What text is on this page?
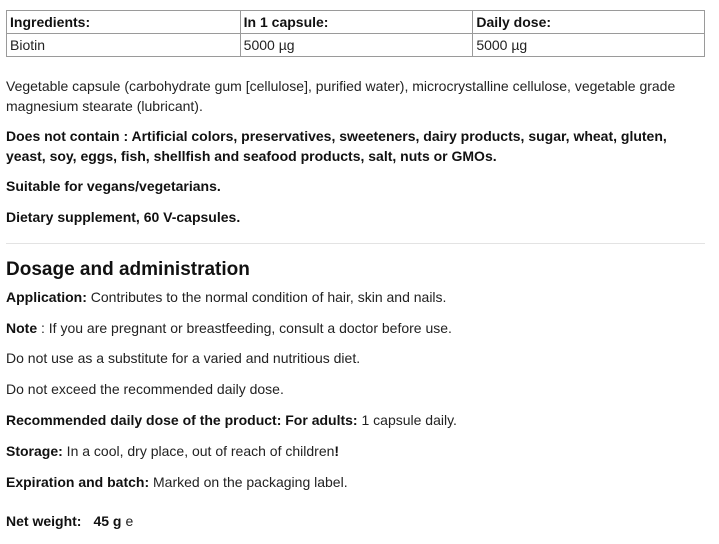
Ingredients:	In 1 capsule:	Daily dose:
Biotin	5000 µg	5000 µg

Vegetable capsule (carbohydrate gum [cellulose], purified water), microcrystalline cellulose, vegetable grade magnesium stearate (lubricant).

Does not contain : Artificial colors, preservatives, sweeteners, dairy products, sugar, wheat, gluten, yeast, soy, eggs, fish, shellfish and seafood products, salt, nuts or GMOs.

Suitable for vegans/vegetarians.

Dietary supplement, 60 V-capsules.

Dosage and administration

Application: Contributes to the normal condition of hair, skin and nails.

Note : If you are pregnant or breastfeeding, consult a doctor before use.

Do not use as a substitute for a varied and nutritious diet.

Do not exceed the recommended daily dose.

Recommended daily dose of the product: For adults: 1 capsule daily.

Storage: In a cool, dry place, out of reach of children!

Expiration and batch: Marked on the packaging label.

Net weight: 45 g e
